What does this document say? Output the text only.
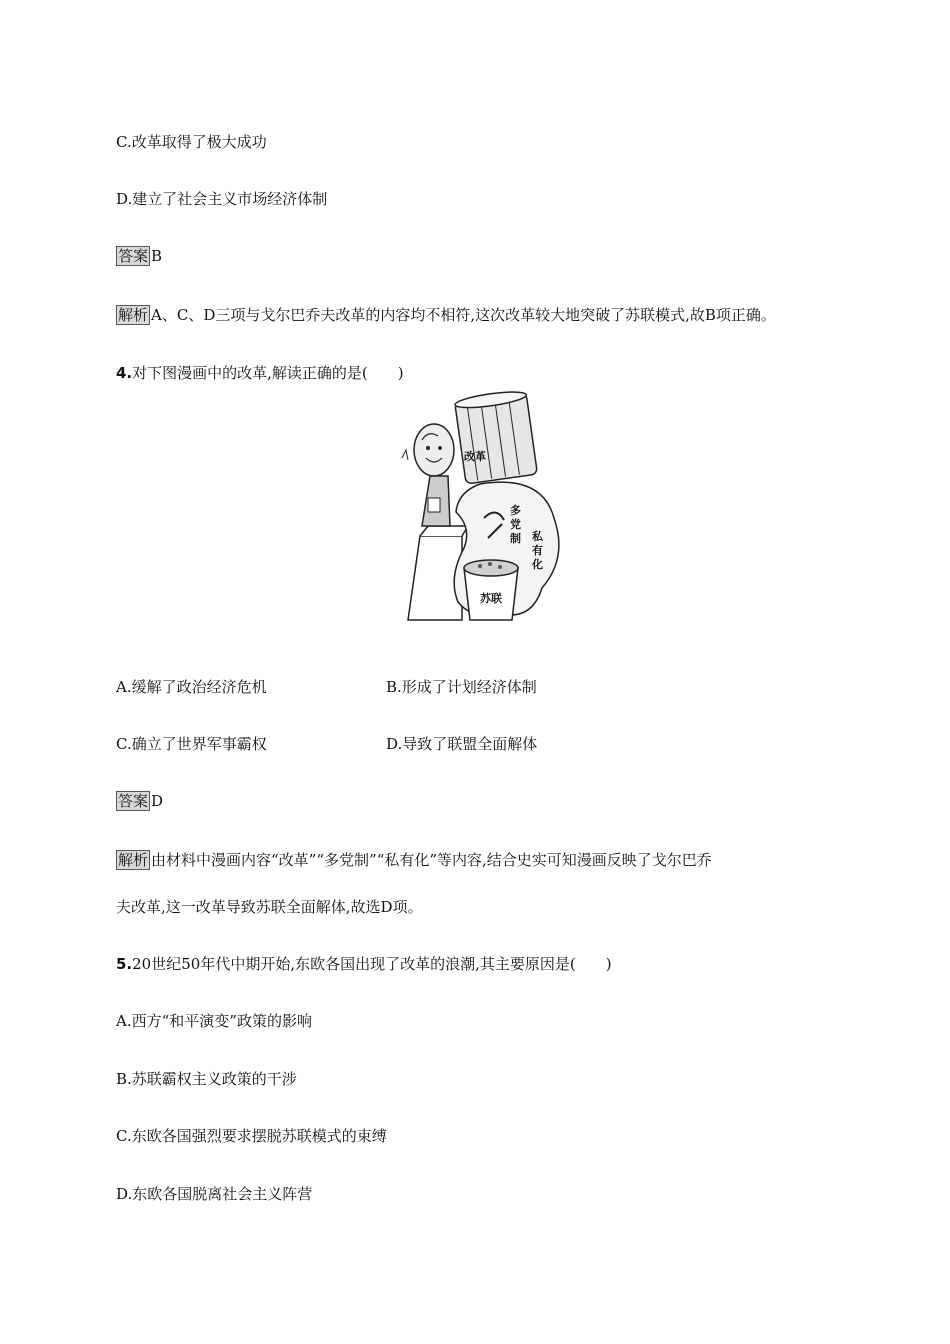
C.改革取得了极大成功
D.建立了社会主义市场经济体制
答案 B
解析 A、C、D三项与戈尔巴乔夫改革的内容均不相符,这次改革较大地突破了苏联模式,故B项正确。
4.对下图漫画中的改革,解读正确的是(　　)
改革
多
党
制 私
有
化
苏联
A.缓解了政治经济危机	B.形成了计划经济体制
C.确立了世界军事霸权	D.导致了联盟全面解体
答案 D
解析 由材料中漫画内容“改革”“多党制”“私有化”等内容,结合史实可知漫画反映了戈尔巴乔
夫改革,这一改革导致苏联全面解体,故选D项。
5.20世纪50年代中期开始,东欧各国出现了改革的浪潮,其主要原因是(　　)
A.西方“和平演变”政策的影响
B.苏联霸权主义政策的干涉
C.东欧各国强烈要求摆脱苏联模式的束缚
D.东欧各国脱离社会主义阵营
